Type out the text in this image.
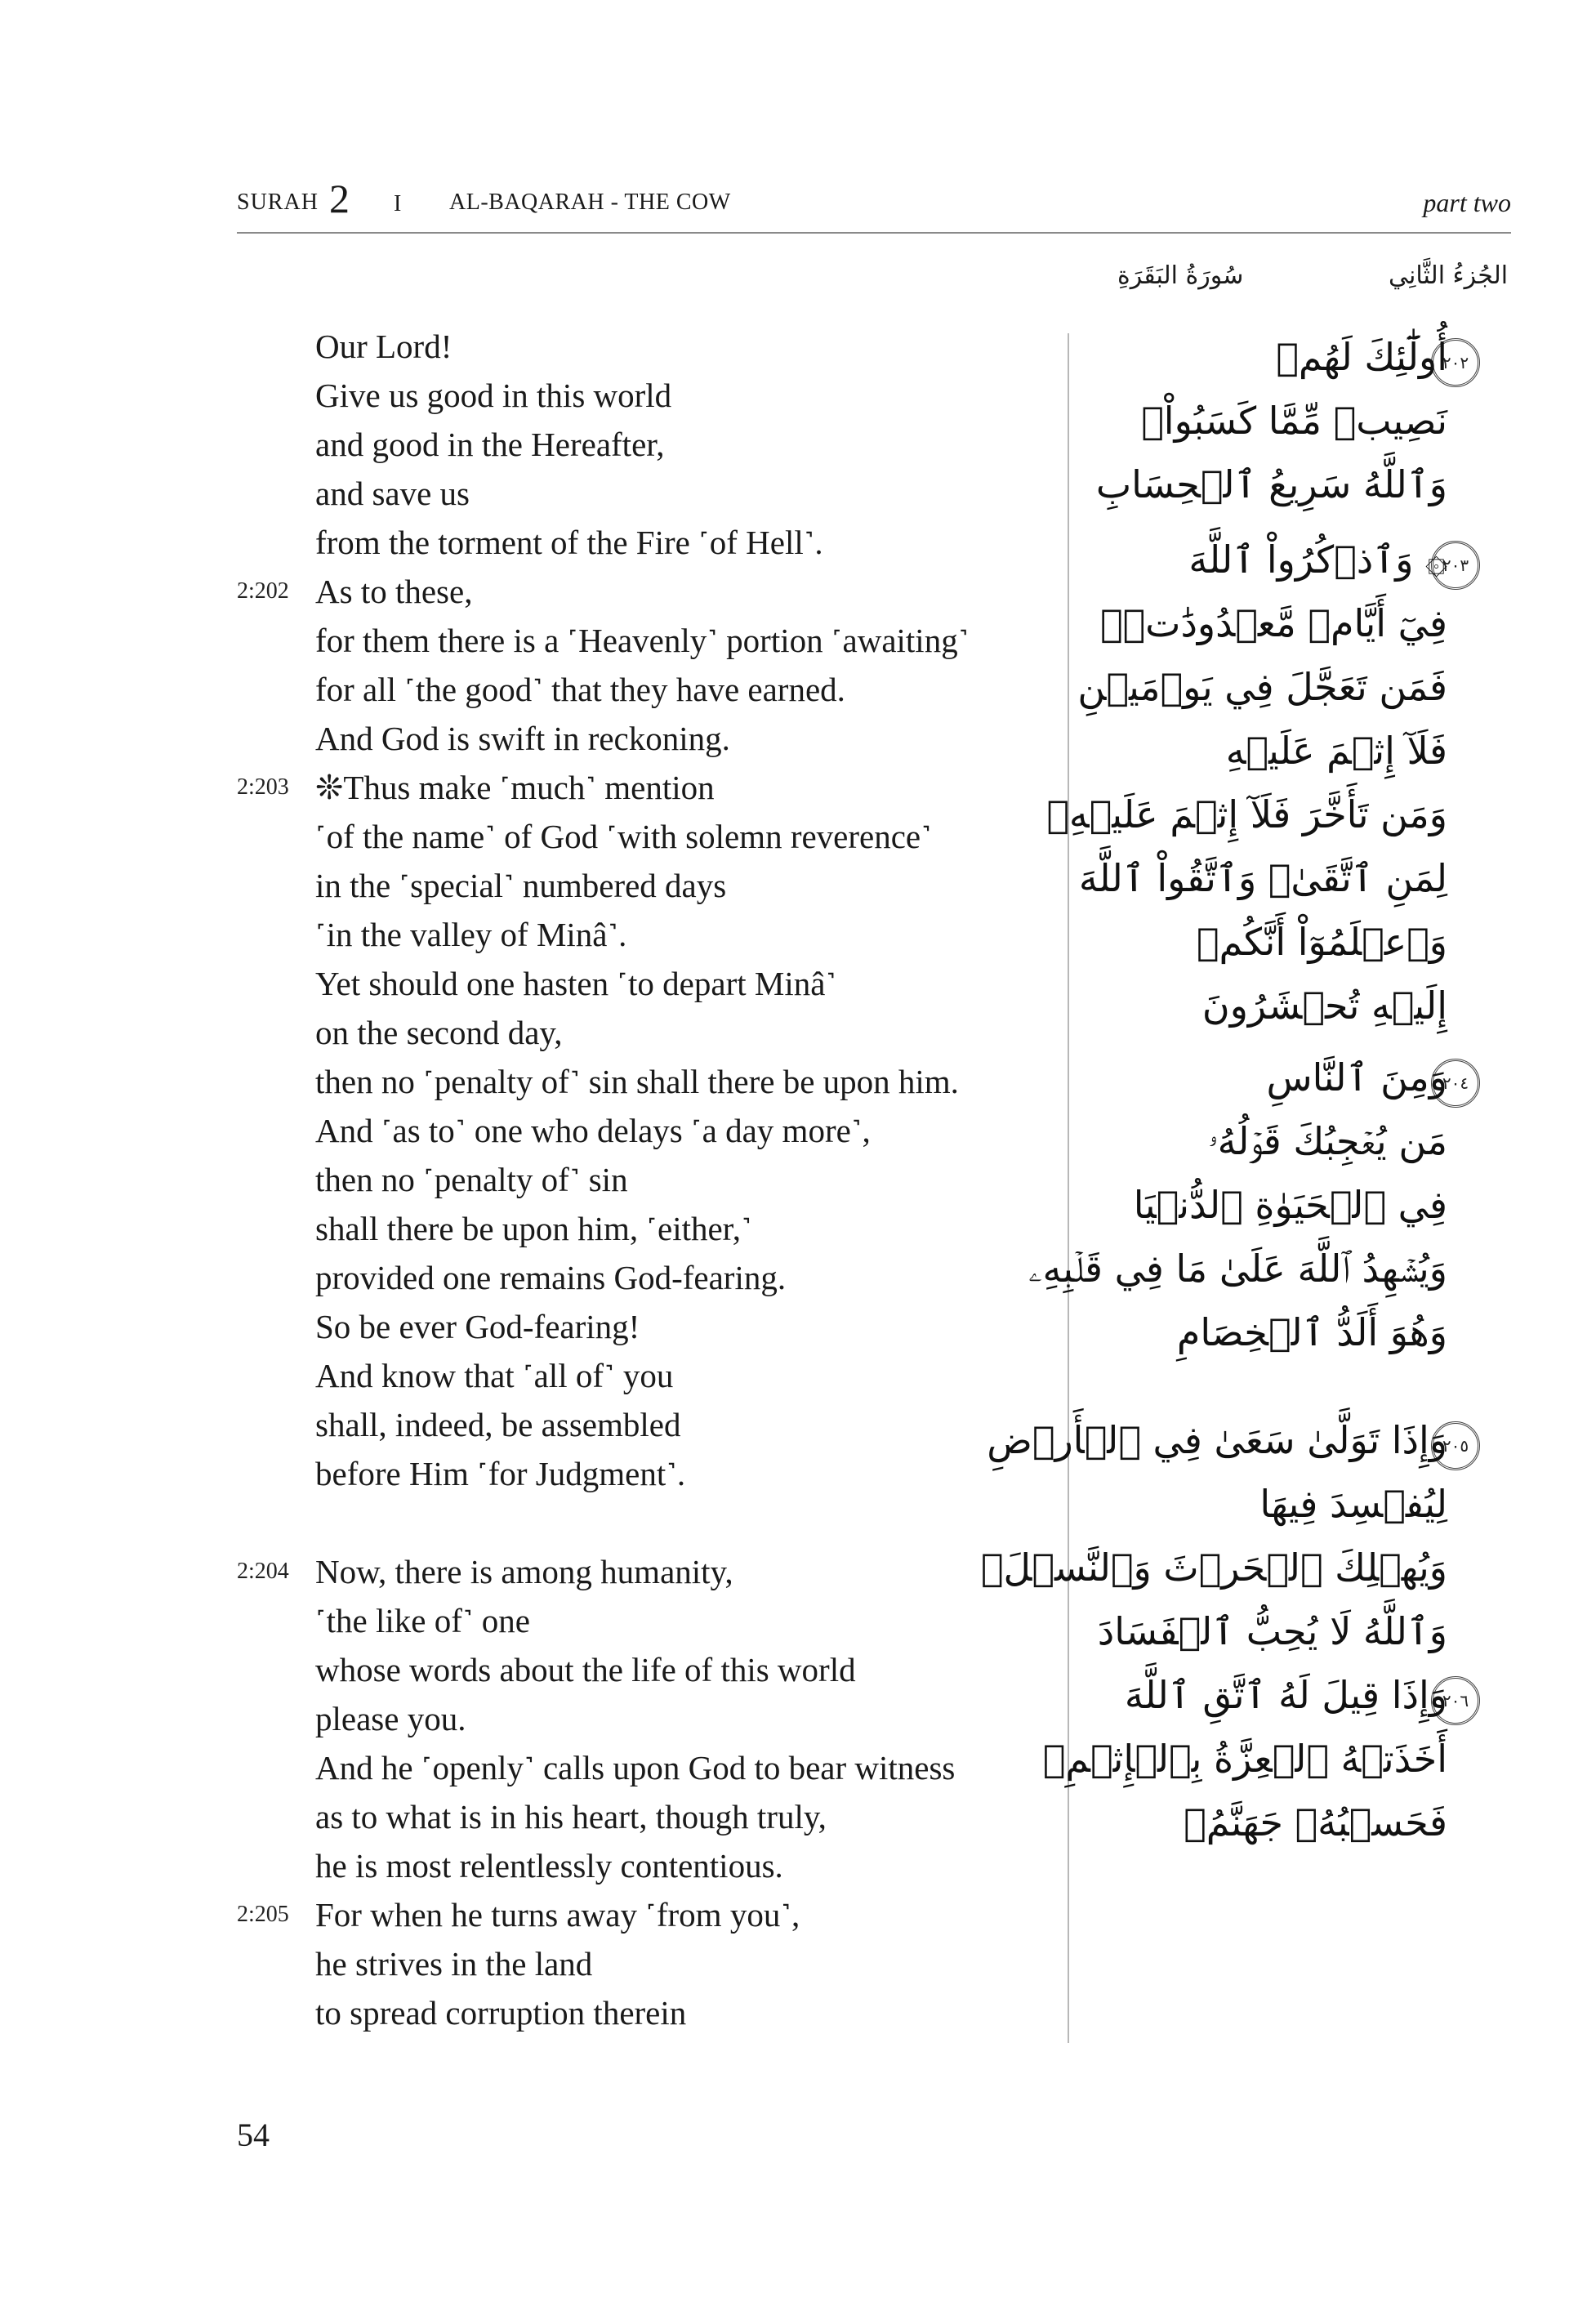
SURAH 2 I AL-BAQARAH - THE COW	part two
سُورَةُ البَقَرَةِ	الجُزءُ الثَّانِي
Our Lord!
Give us good in this world
and good in the Hereafter,
and save us
from the torment of the Fire ˹of Hell˺.
2:202 As to these,
for them there is a ˹Heavenly˺ portion ˹awaiting˺
for all ˹the good˺ that they have earned.
And God is swift in reckoning.
2:203 ❊Thus make ˹much˺ mention
˹of the name˺ of God ˹with solemn reverence˺
in the ˹special˺ numbered days
˹in the valley of Minâ˺.
Yet should one hasten ˹to depart Minâ˺
on the second day,
then no ˹penalty of˺ sin shall there be upon him.
And ˹as to˺ one who delays ˹a day more˺,
then no ˹penalty of˺ sin
shall there be upon him, ˹either,˺
provided one remains God-fearing.
So be ever God-fearing!
And know that ˹all of˺ you
shall, indeed, be assembled
before Him ˹for Judgment˺.
2:204 Now, there is among humanity,
˹the like of˺ one
whose words about the life of this world
please you.
And he ˹openly˺ calls upon God to bear witness
as to what is in his heart, though truly,
he is most relentlessly contentious.
2:205 For when he turns away ˹from you˺,
he strives in the land
to spread corruption therein
٢٠٢
أُولَٰٓئِكَ لَهُمۡ
نَصِيبٞ مِّمَّا كَسَبُواْۚ
وَٱللَّهُ سَرِيعُ ٱلۡحِسَابِ
٢٠٣
۞ وَٱذۡكُرُواْ ٱللَّهَ
فِيٓ أَيَّامٖ مَّعۡدُودَٰتٖۚ
فَمَن تَعَجَّلَ فِي يَوۡمَيۡنِ
فَلَآ إِثۡمَ عَلَيۡهِ
وَمَن تَأَخَّرَ فَلَآ إِثۡمَ عَلَيۡهِۖ
لِمَنِ ٱتَّقَىٰۗ وَٱتَّقُواْ ٱللَّهَ
وَٱعۡلَمُوٓاْ أَنَّكُمۡ
إِلَيۡهِ تُحۡشَرُونَ
٢٠٤
وَمِنَ ٱلنَّاسِ
مَن يُعۡجِبُكَ قَوۡلُهُۥ
فِي ٱلۡحَيَوٰةِ ٱلدُّنۡيَا
وَيُشۡهِدُ ٱللَّهَ عَلَىٰ مَا فِي قَلۡبِهِۦ
وَهُوَ أَلَدُّ ٱلۡخِصَامِ
٢٠٥
وَإِذَا تَوَلَّىٰ سَعَىٰ فِي ٱلۡأَرۡضِ
لِيُفۡسِدَ فِيهَا
وَيُهۡلِكَ ٱلۡحَرۡثَ وَٱلنَّسۡلَۚ
وَٱللَّهُ لَا يُحِبُّ ٱلۡفَسَادَ
٢٠٦
وَإِذَا قِيلَ لَهُ ٱتَّقِ ٱللَّهَ
أَخَذَتۡهُ ٱلۡعِزَّةُ بِٱلۡإِثۡمِۚ
فَحَسۡبُهُۥ جَهَنَّمُۖ
54
